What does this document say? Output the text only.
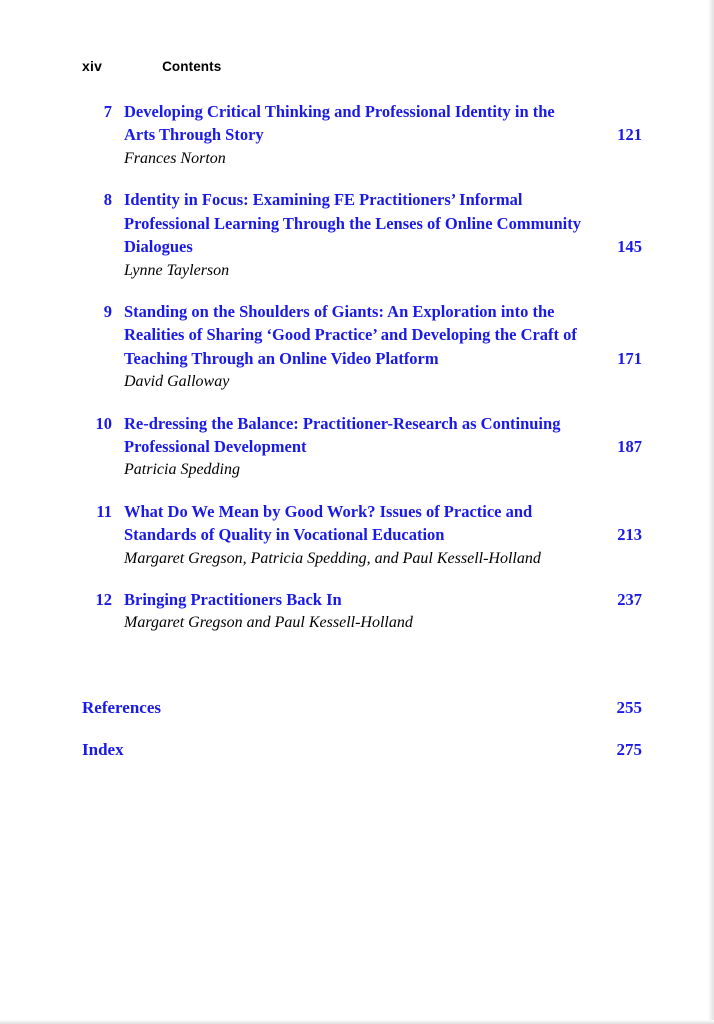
xiv	Contents
7 Developing Critical Thinking and Professional Identity in the Arts Through Story
Frances Norton
121
8 Identity in Focus: Examining FE Practitioners’ Informal Professional Learning Through the Lenses of Online Community Dialogues
Lynne Taylerson
145
9 Standing on the Shoulders of Giants: An Exploration into the Realities of Sharing ‘Good Practice’ and Developing the Craft of Teaching Through an Online Video Platform
David Galloway
171
10 Re-dressing the Balance: Practitioner-Research as Continuing Professional Development
Patricia Spedding
187
11 What Do We Mean by Good Work? Issues of Practice and Standards of Quality in Vocational Education
Margaret Gregson, Patricia Spedding, and Paul Kessell-Holland
213
12 Bringing Practitioners Back In
Margaret Gregson and Paul Kessell-Holland
237
References	255
Index	275
